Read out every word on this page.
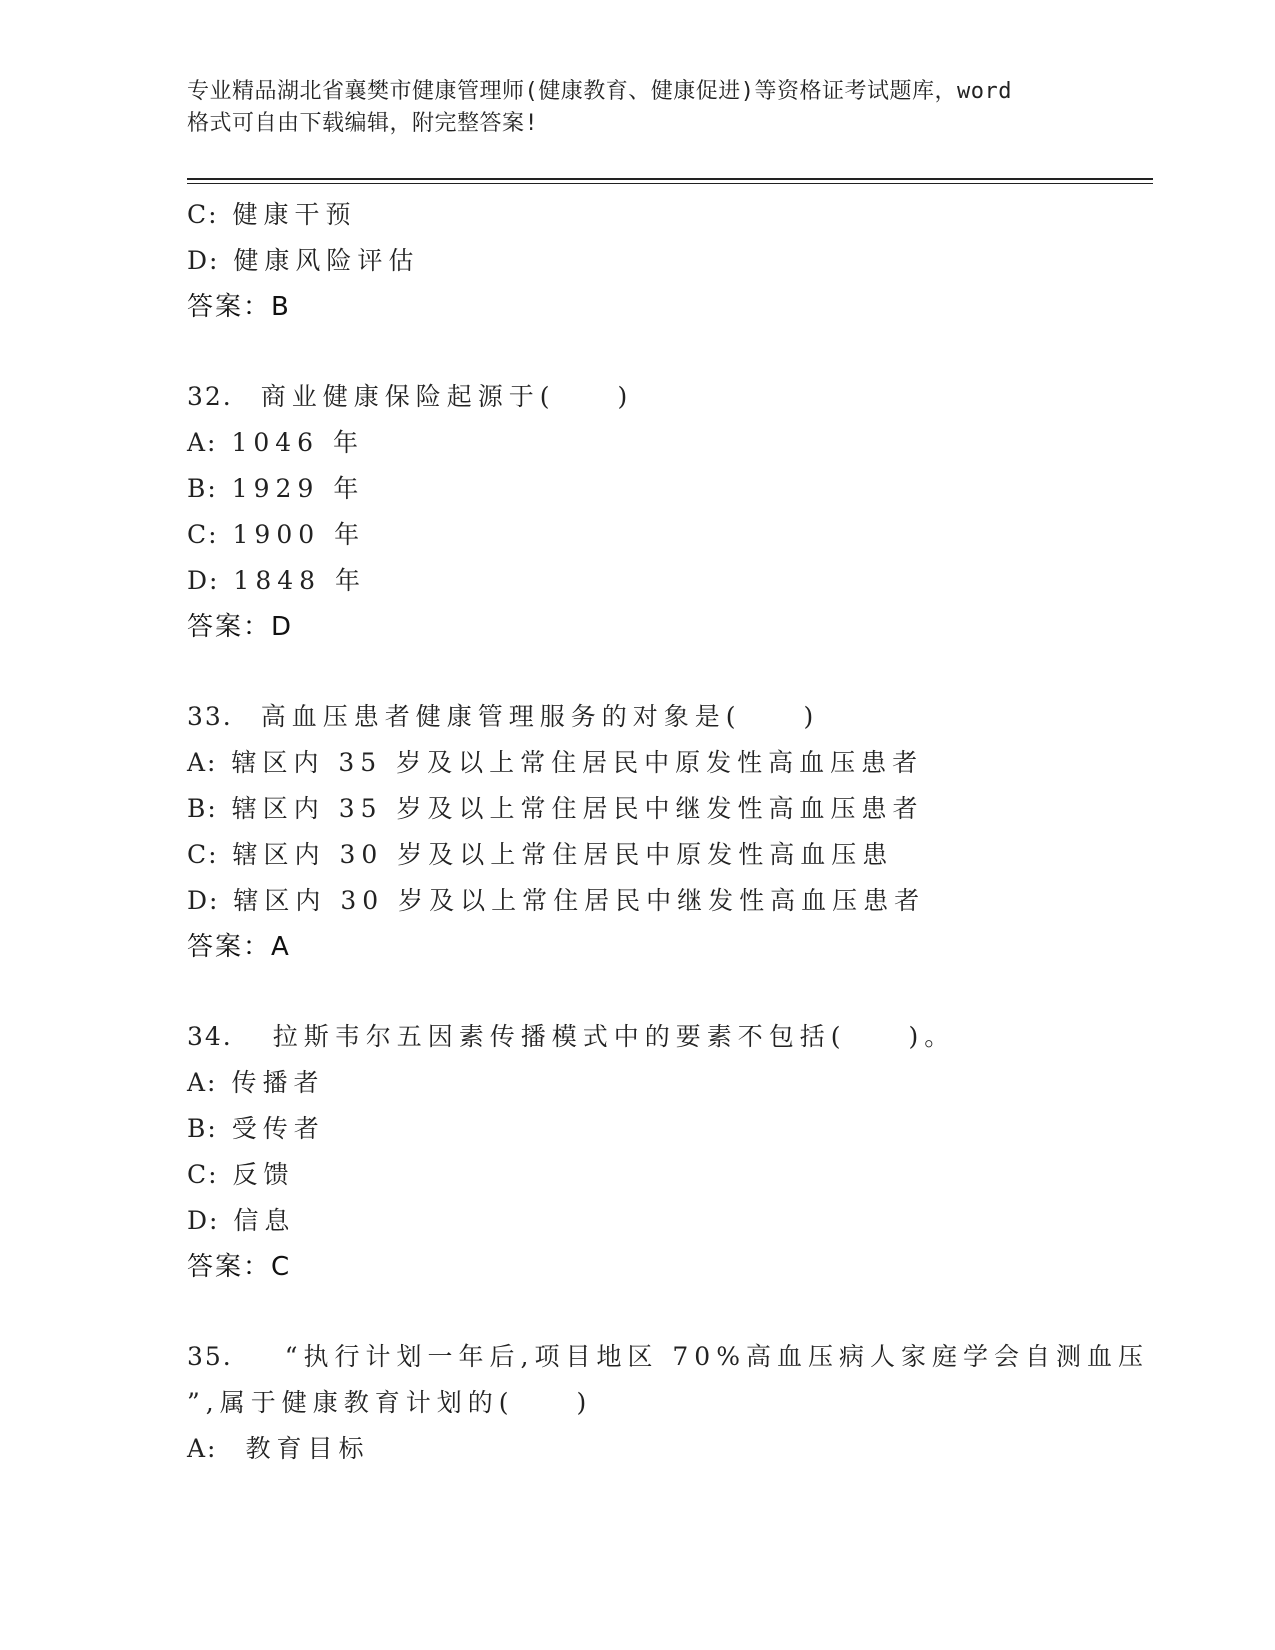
专业精品湖北省襄樊市健康管理师(健康教育、健康促进)等资格证考试题库，word
格式可自由下载编辑，附完整答案!
C: 健康干预
D: 健康风险评估
答案：B
32. 商业健康保险起源于(　　)
A: 1046 年
B: 1929 年
C: 1900 年
D: 1848 年
答案：D
33. 高血压患者健康管理服务的对象是(　　)
A: 辖区内 35 岁及以上常住居民中原发性高血压患者
B: 辖区内 35 岁及以上常住居民中继发性高血压患者
C: 辖区内 30 岁及以上常住居民中原发性高血压患
D: 辖区内 30 岁及以上常住居民中继发性高血压患者
答案：A
34. 拉斯韦尔五因素传播模式中的要素不包括(　　)。
A: 传播者
B: 受传者
C: 反馈
D: 信息
答案：C
35. “执行计划一年后,项目地区 70%高血压病人家庭学会自测血压
”,属于健康教育计划的(　　)
A: 教育目标
